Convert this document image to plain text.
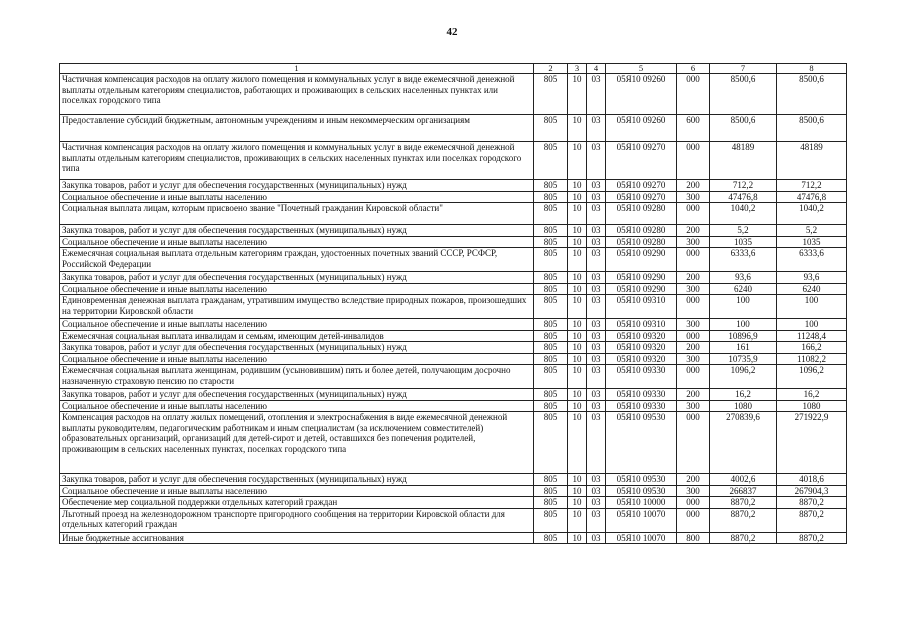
42
1	2	3	4	5	6	7	8
Частичная компенсация расходов на оплату жилого помещения и коммунальных услуг в виде ежемесячной денежной выплаты отдельным категориям специалистов, работающих и проживающих в сельских населенных пунктах или поселках городского типа	805	10	03	05Я10 09260	000	8500,6	8500,6
Предоставление субсидий бюджетным, автономным учреждениям и иным некоммерческим организациям	805	10	03	05Я10 09260	600	8500,6	8500,6
Частичная компенсация расходов на оплату жилого помещения и коммунальных услуг в виде ежемесячной денежной выплаты отдельным категориям специалистов, проживающих в сельских населенных пунктах или поселках городского типа	805	10	03	05Я10 09270	000	48189	48189
Закупка товаров, работ и услуг для обеспечения государственных (муниципальных) нужд	805	10	03	05Я10 09270	200	712,2	712,2
Социальное обеспечение и иные выплаты населению	805	10	03	05Я10 09270	300	47476,8	47476,8
Социальная выплата лицам, которым присвоено звание "Почетный гражданин Кировской области"	805	10	03	05Я10 09280	000	1040,2	1040,2
Закупка товаров, работ и услуг для обеспечения государственных (муниципальных) нужд	805	10	03	05Я10 09280	200	5,2	5,2
Социальное обеспечение и иные выплаты населению	805	10	03	05Я10 09280	300	1035	1035
Ежемесячная социальная выплата отдельным категориям граждан, удостоенных почетных званий СССР, РСФСР, Российской Федерации	805	10	03	05Я10 09290	000	6333,6	6333,6
Закупка товаров, работ и услуг для обеспечения государственных (муниципальных) нужд	805	10	03	05Я10 09290	200	93,6	93,6
Социальное обеспечение и иные выплаты населению	805	10	03	05Я10 09290	300	6240	6240
Единовременная денежная выплата гражданам, утратившим имущество вследствие природных пожаров, произошедших на территории Кировской области	805	10	03	05Я10 09310	000	100	100
Социальное обеспечение и иные выплаты населению	805	10	03	05Я10 09310	300	100	100
Ежемесячная социальная выплата инвалидам и семьям, имеющим детей-инвалидов	805	10	03	05Я10 09320	000	10896,9	11248,4
Закупка товаров, работ и услуг для обеспечения государственных (муниципальных) нужд	805	10	03	05Я10 09320	200	161	166,2
Социальное обеспечение и иные выплаты населению	805	10	03	05Я10 09320	300	10735,9	11082,2
Ежемесячная социальная выплата женщинам, родившим (усыновившим) пять и более детей, получающим досрочно назначенную страховую пенсию по старости	805	10	03	05Я10 09330	000	1096,2	1096,2
Закупка товаров, работ и услуг для обеспечения государственных (муниципальных) нужд	805	10	03	05Я10 09330	200	16,2	16,2
Социальное обеспечение и иные выплаты населению	805	10	03	05Я10 09330	300	1080	1080
Компенсация расходов на оплату жилых помещений, отопления и электроснабжения в виде ежемесячной денежной выплаты руководителям, педагогическим работникам и иным специалистам (за исключением совместителей) образовательных организаций, организаций для детей-сирот и детей, оставшихся без попечения родителей, проживающим в сельских населенных пунктах, поселках городского типа	805	10	03	05Я10 09530	000	270839,6	271922,9
Закупка товаров, работ и услуг для обеспечения государственных (муниципальных) нужд	805	10	03	05Я10 09530	200	4002,6	4018,6
Социальное обеспечение и иные выплаты населению	805	10	03	05Я10 09530	300	266837	267904,3
Обеспечение мер социальной поддержки отдельных категорий граждан	805	10	03	05Я10 10000	000	8870,2	8870,2
Льготный проезд на железнодорожном транспорте пригородного сообщения на территории Кировской области для отдельных категорий граждан	805	10	03	05Я10 10070	000	8870,2	8870,2
Иные бюджетные ассигнования	805	10	03	05Я10 10070	800	8870,2	8870,2
